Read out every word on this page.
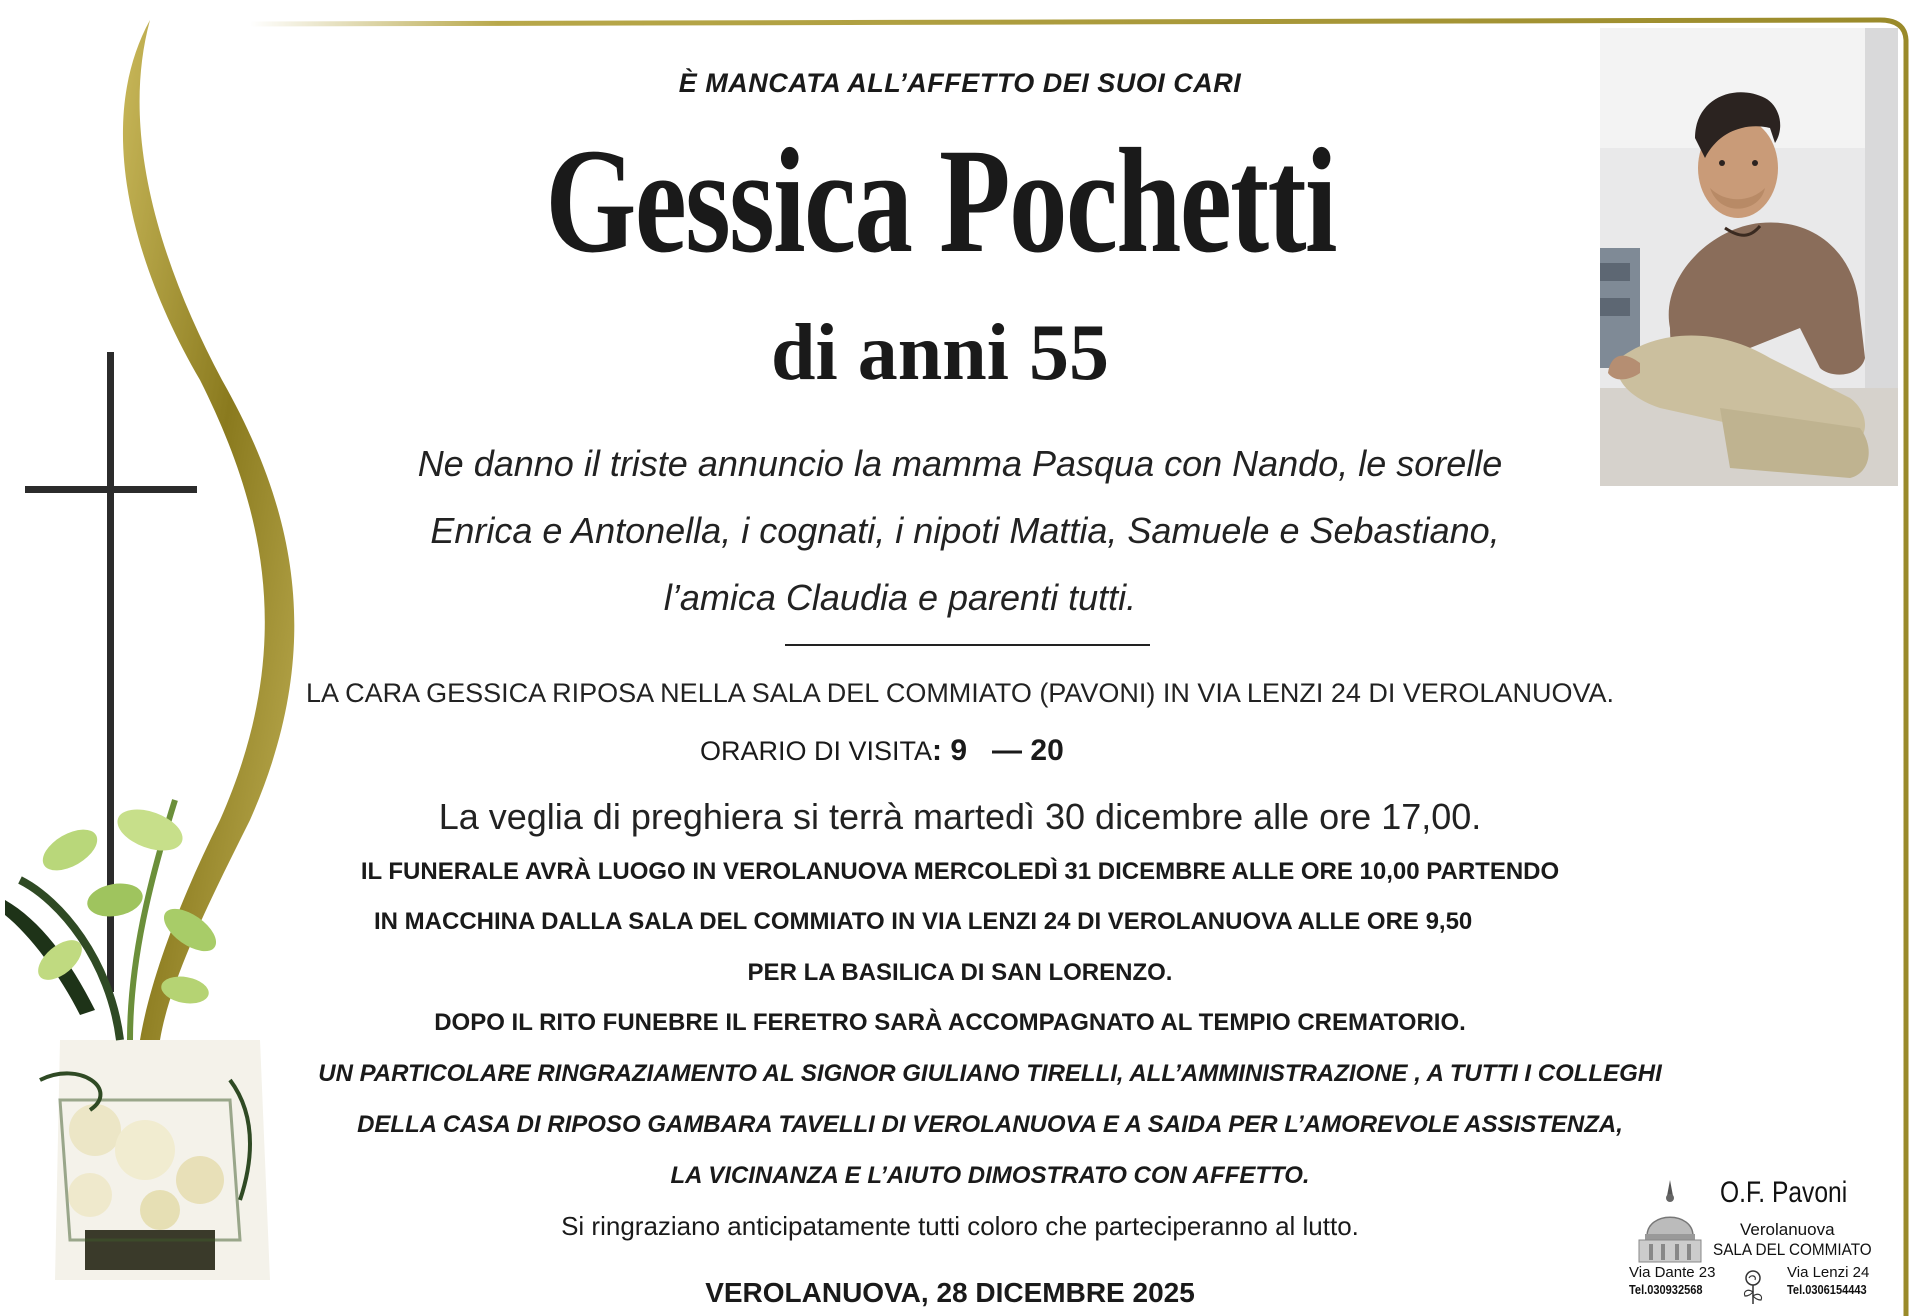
È MANCATA ALL’AFFETTO DEI SUOI CARI
Gessica Pochetti
di anni 55
Ne danno il triste annuncio la mamma Pasqua con Nando, le sorelle
Enrica e Antonella, i cognati, i nipoti Mattia, Samuele e Sebastiano,
l’amica Claudia e parenti tutti.
LA CARA GESSICA RIPOSA NELLA SALA DEL COMMIATO (PAVONI) IN VIA LENZI 24 DI VEROLANUOVA.
ORARIO DI VISITA: 9   — 20
La veglia di preghiera si terrà martedì 30 dicembre alle ore 17,00.
IL FUNERALE AVRÀ LUOGO IN VEROLANUOVA MERCOLEDÌ 31 DICEMBRE ALLE ORE 10,00 PARTENDO
IN MACCHINA DALLA SALA DEL COMMIATO IN VIA LENZI 24 DI VEROLANUOVA ALLE ORE 9,50
PER LA BASILICA DI SAN LORENZO.
DOPO IL RITO FUNEBRE IL FERETRO SARÀ ACCOMPAGNATO AL TEMPIO CREMATORIO.
UN PARTICOLARE RINGRAZIAMENTO AL SIGNOR GIULIANO TIRELLI, ALL’AMMINISTRAZIONE , A TUTTI I COLLEGHI
DELLA CASA DI RIPOSO GAMBARA TAVELLI DI VEROLANUOVA E A SAIDA PER L’AMOREVOLE ASSISTENZA,
LA VICINANZA E L’AIUTO DIMOSTRATO CON AFFETTO.
Si ringraziano anticipatamente tutti coloro che parteciperanno al lutto.
VEROLANUOVA, 28 DICEMBRE 2025
O.F. Pavoni
Verolanuova
SALA DEL COMMIATO
Via Dante 23
Tel.030932568
Via Lenzi 24
Tel.0306154443
